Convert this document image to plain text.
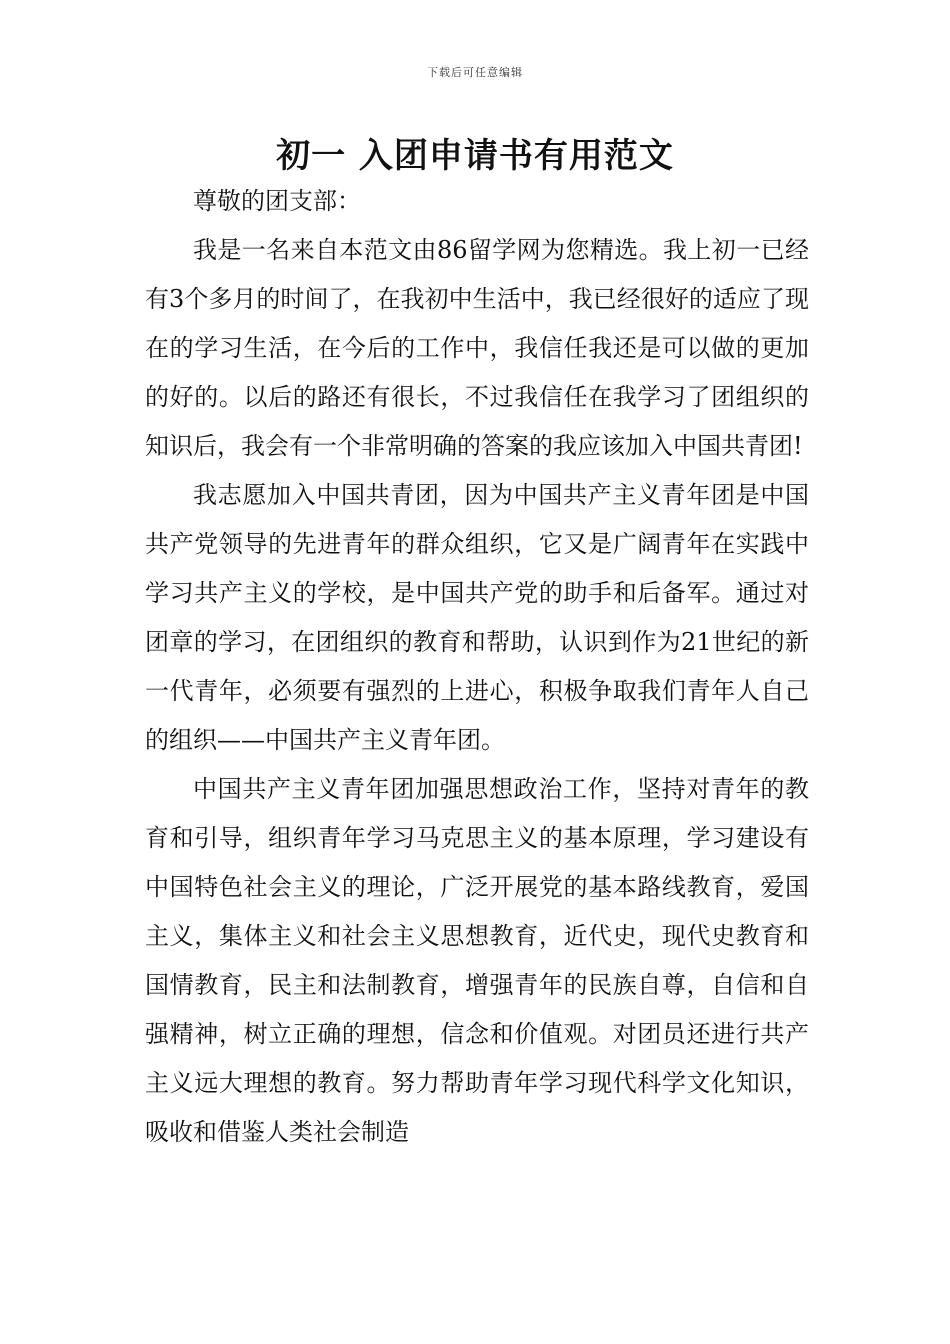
下载后可任意编辑
初一 入团申请书有用范文
尊敬的团支部：

我是一名来自本范文由86留学网为您精选。我上初一已经有3个多月的时间了，在我初中生活中，我已经很好的适应了现在的学习生活，在今后的工作中，我信任我还是可以做的更加的好的。以后的路还有很长，不过我信任在我学习了团组织的知识后，我会有一个非常明确的答案的我应该加入中国共青团!

我志愿加入中国共青团，因为中国共产主义青年团是中国共产党领导的先进青年的群众组织，它又是广阔青年在实践中学习共产主义的学校，是中国共产党的助手和后备军。通过对团章的学习，在团组织的教育和帮助，认识到作为21世纪的新一代青年，必须要有强烈的上进心，积极争取我们青年人自己的组织——中国共产主义青年团。

中国共产主义青年团加强思想政治工作，坚持对青年的教育和引导，组织青年学习马克思主义的基本原理，学习建设有中国特色社会主义的理论，广泛开展党的基本路线教育，爱国主义，集体主义和社会主义思想教育，近代史，现代史教育和国情教育，民主和法制教育，增强青年的民族自尊，自信和自强精神，树立正确的理想，信念和价值观。对团员还进行共产主义远大理想的教育。努力帮助青年学习现代科学文化知识，吸收和借鉴人类社会制造
